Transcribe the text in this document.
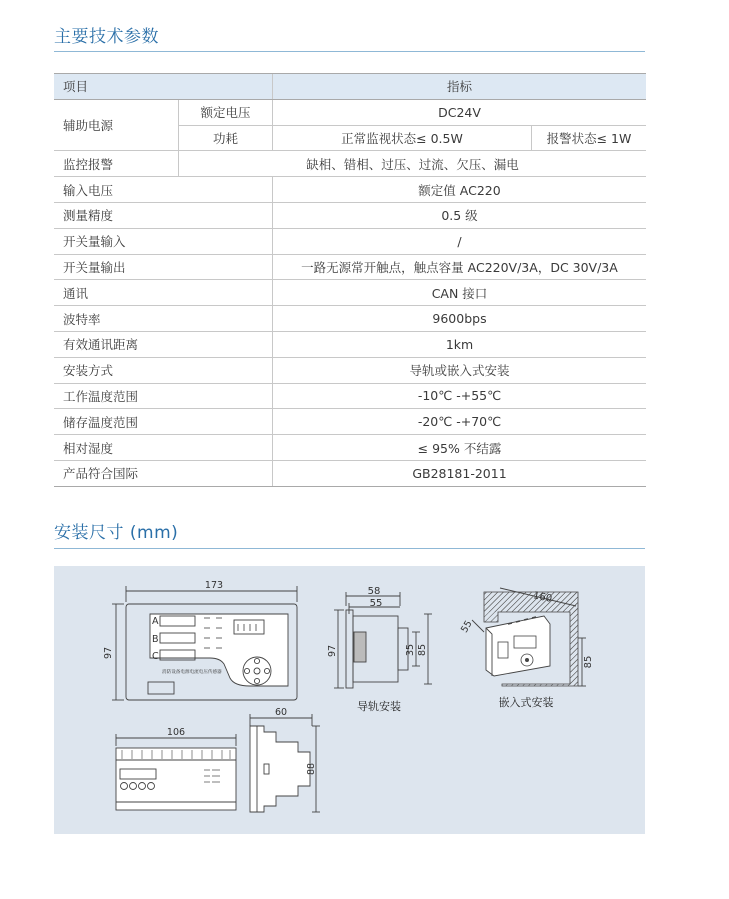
主要技术参数
项目		指标	
辅助电源	额定电压	DC24V	
	功耗	正常监视状态≤ 0.5W	报警状态≤ 1W
监控报警	缺相、错相、过压、过流、欠压、漏电		
输入电压		额定值 AC220	
测量精度		0.5 级	
开关量输入		/	
开关量输出		一路无源常开触点，触点容量 AC220V/3A，DC 30V/3A	
通讯		CAN 接口	
波特率		9600bps	
有效通讯距离		1km	
安装方式		导轨或嵌入式安装	
工作温度范围		-10℃ -+55℃	
储存温度范围		-20℃ -+70℃	
相对湿度		≤ 95% 不结露	
产品符合国际		GB28181-2011	
安装尺寸 (mm)
173
97
A
B
C
消防设备电源电流电压传感器
58
55
97	35 85
导轨安装
160
85
55
嵌入式安装
106
60
88
